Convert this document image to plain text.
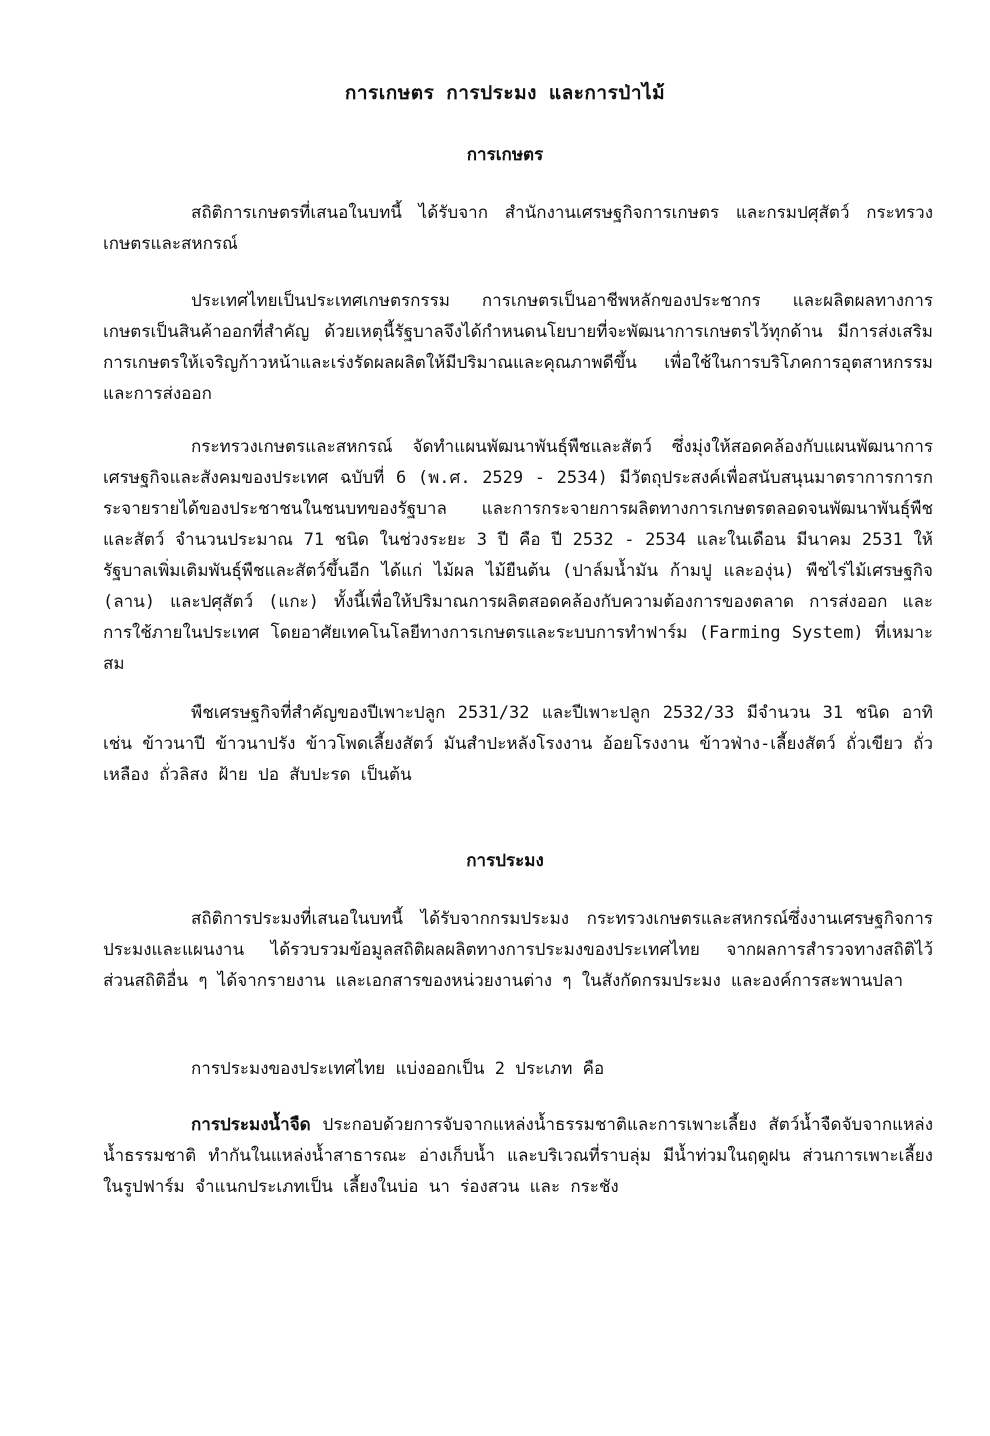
การเกษตร การประมง และการป่าไม้
การเกษตร
สถิติการเกษตรที่เสนอในบทนี้ ได้รับจาก สำนักงานเศรษฐกิจการเกษตร และกรมปศุสัตว์ กระทรวงเกษตรและสหกรณ์
ประเทศไทยเป็นประเทศเกษตรกรรม การเกษตรเป็นอาชีพหลักของประชากร และผลิตผลทางการเกษตรเป็นสินค้าออกที่สำคัญ ด้วยเหตุนี้รัฐบาลจึงได้กำหนดนโยบายที่จะพัฒนาการเกษตรไว้ทุกด้าน มีการส่งเสริมการเกษตรให้เจริญก้าวหน้าและเร่งรัดผลผลิตให้มีปริมาณและคุณภาพดีขึ้น เพื่อใช้ในการบริโภคการอุตสาหกรรม และการส่งออก
กระทรวงเกษตรและสหกรณ์ จัดทำแผนพัฒนาพันธุ์พืชและสัตว์ ซึ่งมุ่งให้สอดคล้องกับแผนพัฒนาการเศรษฐกิจและสังคมของประเทศ ฉบับที่ 6 (พ.ศ. 2529 - 2534) มีวัตถุประสงค์เพื่อสนับสนุนมาตราการการกระจายรายได้ของประชาชนในชนบทของรัฐบาล และการกระจายการผลิตทางการเกษตรตลอดจนพัฒนาพันธุ์พืชและสัตว์ จำนวนประมาณ 71 ชนิด ในช่วงระยะ 3 ปี คือ ปี 2532 - 2534 และในเดือน มีนาคม 2531 ให้รัฐบาลเพิ่มเติมพันธุ์พืชและสัตว์ขึ้นอีก ได้แก่ ไม้ผล ไม้ยืนต้น (ปาล์มน้ำมัน ก้ามปู และองุ่น) พืชไร่ไม้เศรษฐกิจ (ลาน) และปศุสัตว์ (แกะ) ทั้งนี้เพื่อให้ปริมาณการผลิตสอดคล้องกับความต้องการของตลาด การส่งออก และการใช้ภายในประเทศ โดยอาศัยเทคโนโลยีทางการเกษตรและระบบการทำฟาร์ม (Farming System) ที่เหมาะสม
พืชเศรษฐกิจที่สำคัญของปีเพาะปลูก 2531/32 และปีเพาะปลูก 2532/33 มีจำนวน 31 ชนิด อาทิเช่น ข้าวนาปี ข้าวนาปรัง ข้าวโพดเลี้ยงสัตว์ มันสำปะหลังโรงงาน อ้อยโรงงาน ข้าวฟ่าง-เลี้ยงสัตว์ ถั่วเขียว ถั่วเหลือง ถั่วลิสง ฝ้าย ปอ สับปะรด เป็นต้น
การประมง
สถิติการประมงที่เสนอในบทนี้ ได้รับจากกรมประมง กระทรวงเกษตรและสหกรณ์ซึ่งงานเศรษฐกิจการประมงและแผนงาน ได้รวบรวมข้อมูลสถิติผลผลิตทางการประมงของประเทศไทย จากผลการสำรวจทางสถิติไว้ ส่วนสถิติอื่น ๆ ได้จากรายงาน และเอกสารของหน่วยงานต่าง ๆ ในสังกัดกรมประมง และองค์การสะพานปลา
การประมงของประเทศไทย แบ่งออกเป็น 2 ประเภท คือ
การประมงน้ำจืด ประกอบด้วยการจับจากแหล่งน้ำธรรมชาติและการเพาะเลี้ยง สัตว์น้ำจืดจับจากแหล่งน้ำธรรมชาติ ทำกันในแหล่งน้ำสาธารณะ อ่างเก็บน้ำ และบริเวณที่ราบลุ่ม มีน้ำท่วมในฤดูฝน ส่วนการเพาะเลี้ยงในรูปฟาร์ม จำแนกประเภทเป็น เลี้ยงในบ่อ นา ร่องสวน และ กระชัง
